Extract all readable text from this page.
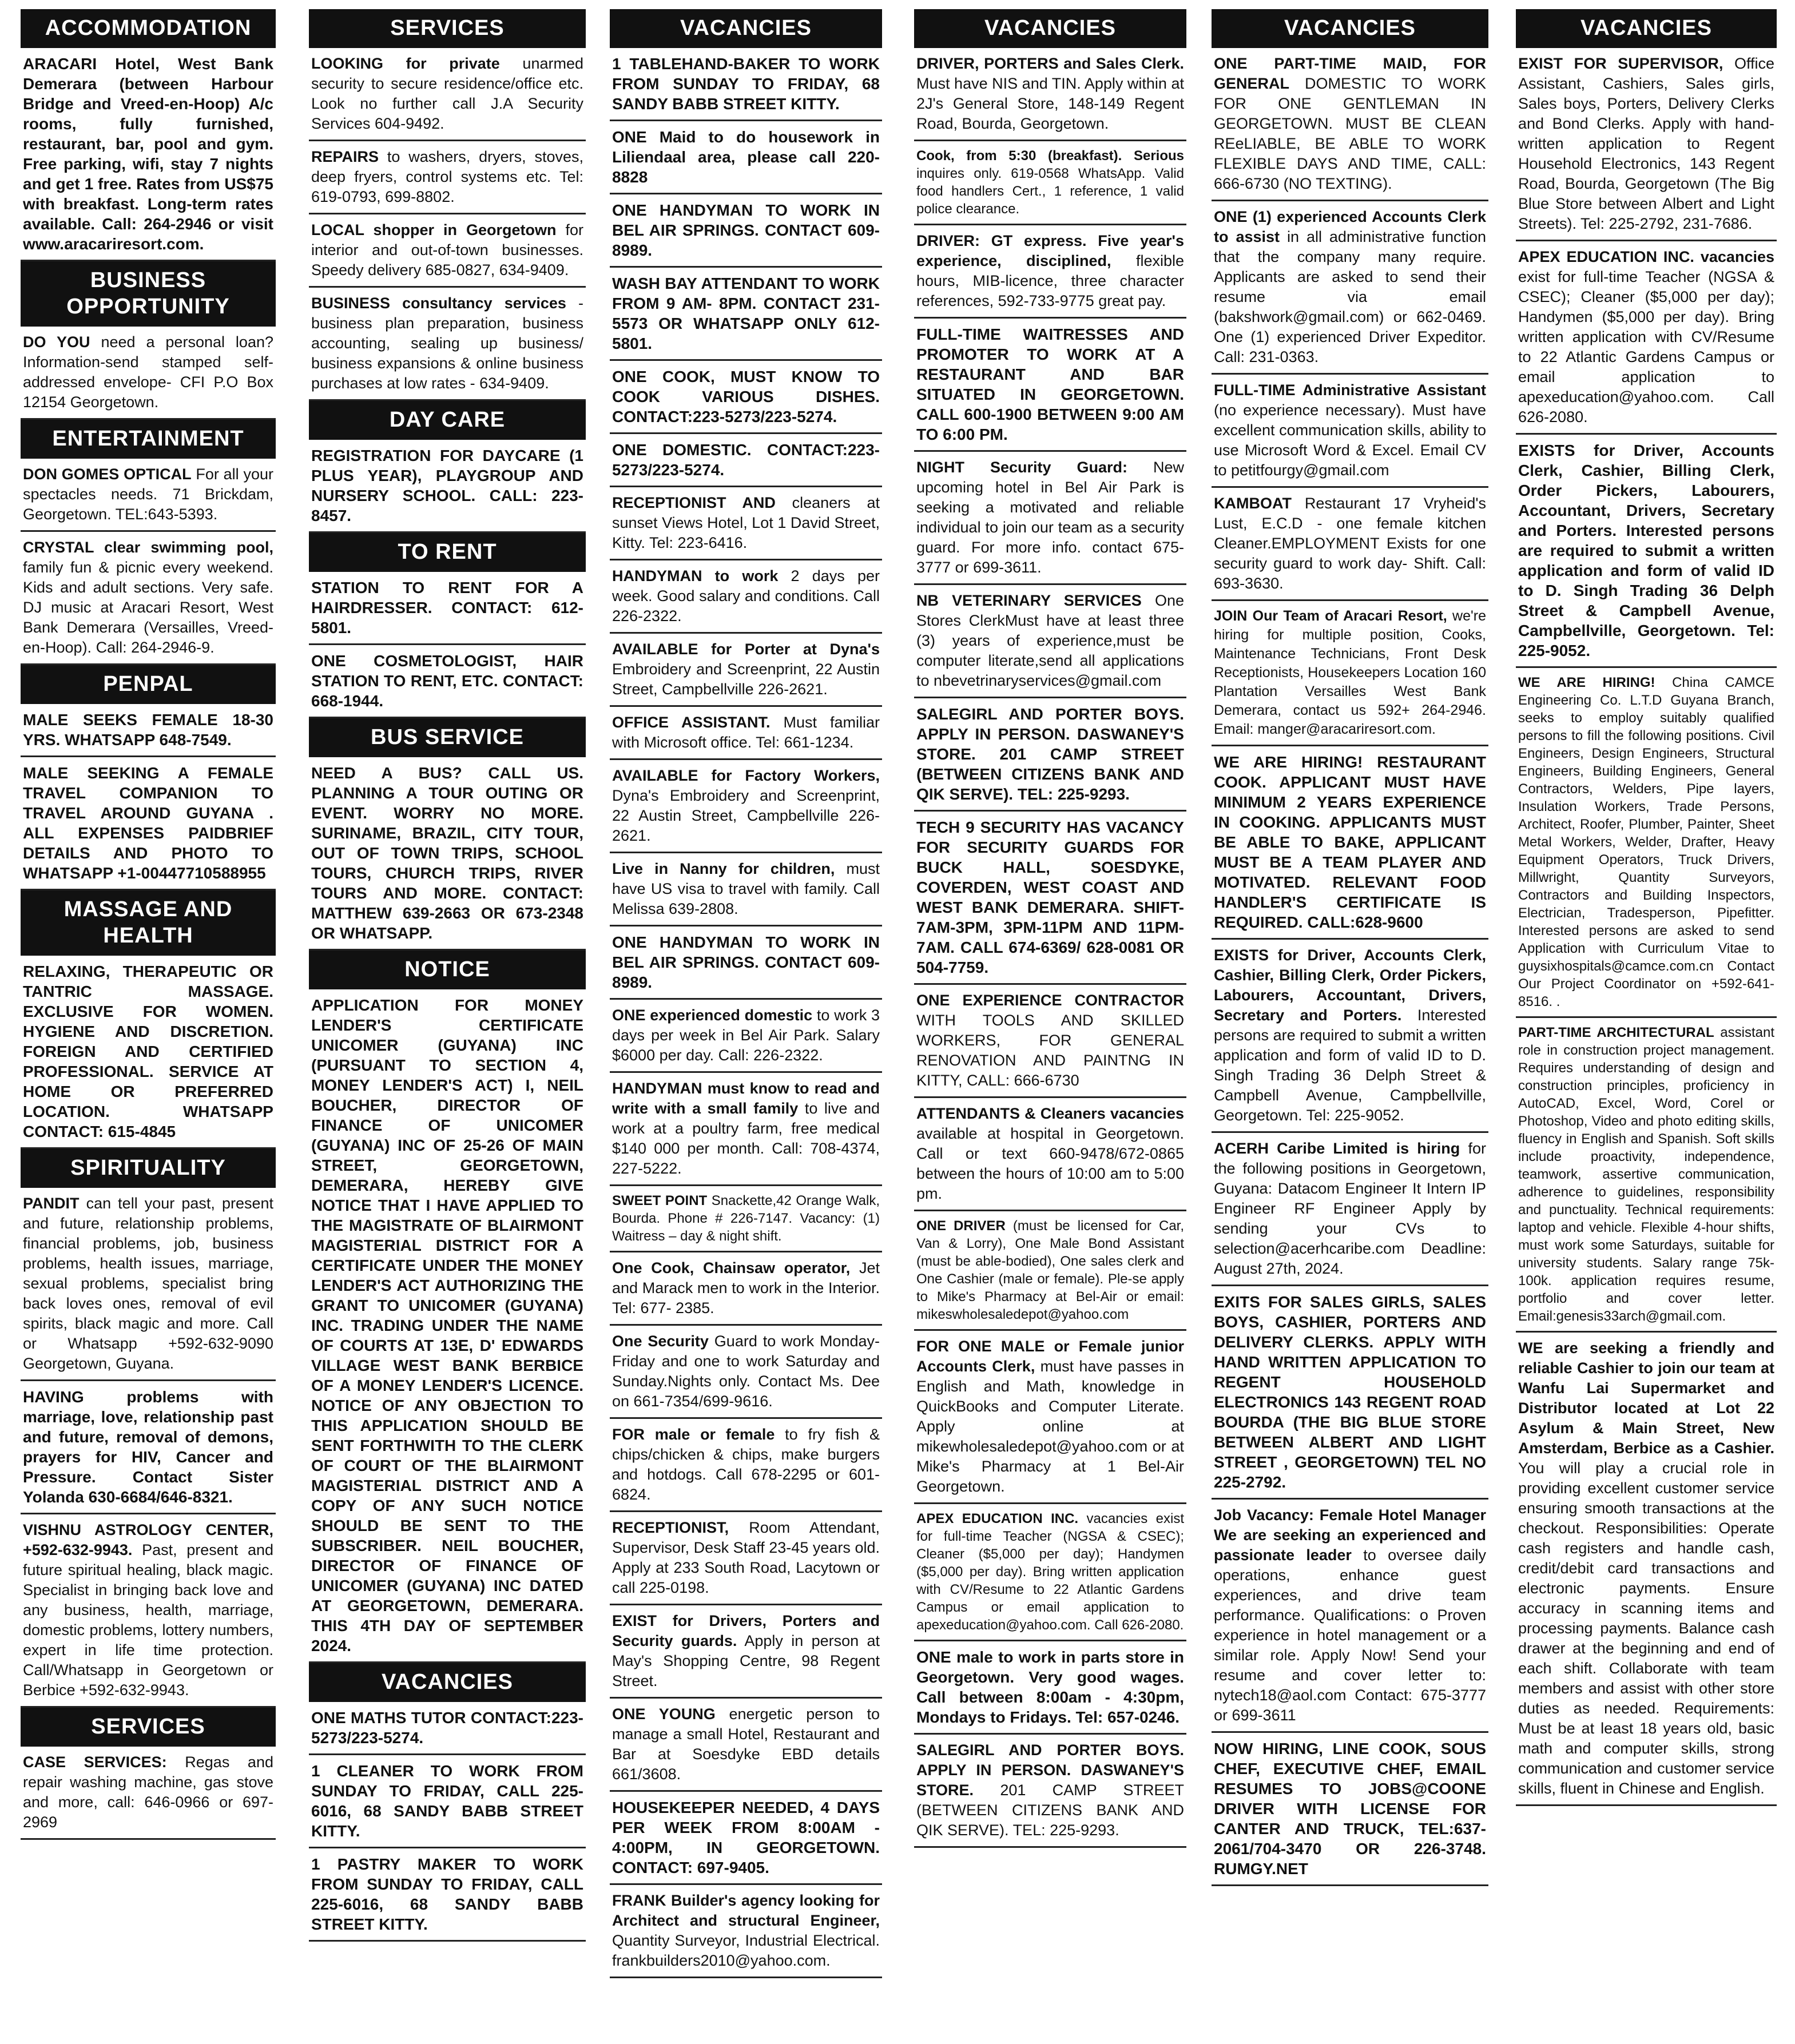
ACCOMMODATION
ARACARI Hotel, West Bank Demerara (between Harbour Bridge and Vreed-en-Hoop) A/c rooms, fully furnished, restaurant, bar, pool and gym. Free parking, wifi, stay 7 nights and get 1 free. Rates from US$75 with breakfast. Long-term rates available. Call: 264-2946 or visit www.aracariresort.com.
BUSINESS OPPORTUNITY
DO YOU need a personal loan? Information-send stamped self-addressed envelope- CFI P.O Box 12154 Georgetown.
ENTERTAINMENT
DON GOMES OPTICAL For all your spectacles needs. 71 Brickdam, Georgetown. TEL:643-5393.
CRYSTAL clear swimming pool, family fun & picnic every weekend. Kids and adult sections. Very safe. DJ music at Aracari Resort, West Bank Demerara (Versailles, Vreed-en-Hoop). Call: 264-2946-9.
PENPAL
MALE SEEKS FEMALE 18-30 YRS. WHATSAPP 648-7549.
MALE SEEKING A FEMALE TRAVEL COMPANION TO TRAVEL AROUND GUYANA . ALL EXPENSES PAIDBRIEF DETAILS AND PHOTO TO WHATSAPP +1-00447710588955
MASSAGE AND HEALTH
RELAXING, THERAPEUTIC OR TANTRIC MASSAGE. EXCLUSIVE FOR WOMEN. HYGIENE AND DISCRETION. FOREIGN AND CERTIFIED PROFESSIONAL. SERVICE AT HOME OR PREFERRED LOCATION. WHATSAPP CONTACT: 615-4845
SPIRITUALITY
PANDIT can tell your past, present and future, relationship problems, financial problems, job, business problems, health issues, marriage, sexual problems, specialist bring back loves ones, removal of evil spirits, black magic and more. Call or Whatsapp +592-632-9090 Georgetown, Guyana.
HAVING problems with marriage, love, relationship past and future, removal of demons, prayers for HIV, Cancer and Pressure. Contact Sister Yolanda 630-6684/646-8321.
VISHNU ASTROLOGY CENTER, +592-632-9943. Past, present and future spiritual healing, black magic. Specialist in bringing back love and any business, health, marriage, domestic problems, lottery numbers, expert in life time protection. Call/Whatsapp in Georgetown or Berbice +592-632-9943.
SERVICES
CASE SERVICES: Regas and repair washing machine, gas stove and more, call: 646-0966 or 697-2969
SERVICES
LOOKING for private unarmed security to secure residence/office etc. Look no further call J.A Security Services 604-9492.
REPAIRS to washers, dryers, stoves, deep fryers, control systems etc. Tel: 619-0793, 699-8802.
LOCAL shopper in Georgetown for interior and out-of-town businesses. Speedy delivery 685-0827, 634-9409.
BUSINESS consultancy services - business plan preparation, business accounting, sealing up business/ business expansions & online business purchases at low rates - 634-9409.
DAY CARE
REGISTRATION FOR DAYCARE (1 PLUS YEAR), PLAYGROUP AND NURSERY SCHOOL. CALL: 223-8457.
TO RENT
STATION TO RENT FOR A HAIRDRESSER. CONTACT: 612-5801.
ONE COSMETOLOGIST, HAIR STATION TO RENT, ETC. CONTACT: 668-1944.
BUS SERVICE
NEED A BUS? CALL US. PLANNING A TOUR OUTING OR EVENT. WORRY NO MORE. SURINAME, BRAZIL, CITY TOUR, OUT OF TOWN TRIPS, SCHOOL TOURS, CHURCH TRIPS, RIVER TOURS AND MORE. CONTACT: MATTHEW 639-2663 OR 673-2348 OR WHATSAPP.
NOTICE
APPLICATION FOR MONEY LENDER'S CERTIFICATE UNICOMER (GUYANA) INC (PURSUANT TO SECTION 4, MONEY LENDER'S ACT) I, NEIL BOUCHER, DIRECTOR OF FINANCE OF UNICOMER (GUYANA) INC OF 25-26 OF MAIN STREET, GEORGETOWN, DEMERARA, HEREBY GIVE NOTICE THAT I HAVE APPLIED TO THE MAGISTRATE OF BLAIRMONT MAGISTERIAL DISTRICT FOR A CERTIFICATE UNDER THE MONEY LENDER'S ACT AUTHORIZING THE GRANT TO UNICOMER (GUYANA) INC. TRADING UNDER THE NAME OF COURTS AT 13E, D' EDWARDS VILLAGE WEST BANK BERBICE OF A MONEY LENDER'S LICENCE. NOTICE OF ANY OBJECTION TO THIS APPLICATION SHOULD BE SENT FORTHWITH TO THE CLERK OF COURT OF THE BLAIRMONT MAGISTERIAL DISTRICT AND A COPY OF ANY SUCH NOTICE SHOULD BE SENT TO THE SUBSCRIBER. NEIL BOUCHER, DIRECTOR OF FINANCE OF UNICOMER (GUYANA) INC DATED AT GEORGETOWN, DEMERARA. THIS 4TH DAY OF SEPTEMBER 2024.
VACANCIES
ONE MATHS TUTOR CONTACT:223-5273/223-5274.
1 CLEANER TO WORK FROM SUNDAY TO FRIDAY, CALL 225-6016, 68 SANDY BABB STREET KITTY.
1 PASTRY MAKER TO WORK FROM SUNDAY TO FRIDAY, CALL 225-6016, 68 SANDY BABB STREET KITTY.
VACANCIES
1 TABLEHAND-BAKER TO WORK FROM SUNDAY TO FRIDAY, 68 SANDY BABB STREET KITTY.
ONE Maid to do housework in Liliendaal area, please call 220-8828
ONE HANDYMAN TO WORK IN BEL AIR SPRINGS. CONTACT 609-8989.
WASH BAY ATTENDANT TO WORK FROM 9 AM- 8PM. CONTACT 231-5573 OR WHATSAPP ONLY 612-5801.
ONE COOK, MUST KNOW TO COOK VARIOUS DISHES. CONTACT:223-5273/223-5274.
ONE DOMESTIC. CONTACT:223-5273/223-5274.
RECEPTIONIST AND cleaners at sunset Views Hotel, Lot 1 David Street, Kitty. Tel: 223-6416.
HANDYMAN to work 2 days per week. Good salary and conditions. Call 226-2322.
AVAILABLE for Porter at Dyna's Embroidery and Screenprint, 22 Austin Street, Campbellville 226-2621.
OFFICE ASSISTANT. Must familiar with Microsoft office. Tel: 661-1234.
AVAILABLE for Factory Workers, Dyna's Embroidery and Screenprint, 22 Austin Street, Campbellville 226-2621.
Live in Nanny for children, must have US visa to travel with family. Call Melissa 639-2808.
ONE HANDYMAN TO WORK IN BEL AIR SPRINGS. CONTACT 609-8989.
ONE experienced domestic to work 3 days per week in Bel Air Park. Salary $6000 per day. Call: 226-2322.
HANDYMAN must know to read and write with a small family to live and work at a poultry farm, free medical $140 000 per month. Call: 708-4374, 227-5222.
SWEET POINT Snackette,42 Orange Walk, Bourda. Phone # 226-7147. Vacancy: (1) Waitress – day & night shift.
One Cook, Chainsaw operator, Jet and Marack men to work in the Interior. Tel: 677- 2385.
One Security Guard to work Monday-Friday and one to work Saturday and Sunday.Nights only. Contact Ms. Dee on 661-7354/699-9616.
FOR male or female to fry fish & chips/chicken & chips, make burgers and hotdogs. Call 678-2295 or 601-6824.
RECEPTIONIST, Room Attendant, Supervisor, Desk Staff 23-45 years old. Apply at 233 South Road, Lacytown or call 225-0198.
EXIST for Drivers, Porters and Security guards. Apply in person at May's Shopping Centre, 98 Regent Street.
ONE YOUNG energetic person to manage a small Hotel, Restaurant and Bar at Soesdyke EBD details 661/3608.
HOUSEKEEPER NEEDED, 4 DAYS PER WEEK FROM 8:00AM - 4:00PM, IN GEORGETOWN. CONTACT: 697-9405.
FRANK Builder's agency looking for Architect and structural Engineer, Quantity Surveyor, Industrial Electrical. frankbuilders2010@yahoo.com.
VACANCIES
DRIVER, PORTERS and Sales Clerk. Must have NIS and TIN. Apply within at 2J's General Store, 148-149 Regent Road, Bourda, Georgetown.
Cook, from 5:30 (breakfast). Serious inquires only. 619-0568 WhatsApp. Valid food handlers Cert., 1 reference, 1 valid police clearance.
DRIVER: GT express. Five year's experience, disciplined, flexible hours, MIB-licence, three character references, 592-733-9775 great pay.
FULL-TIME WAITRESSES AND PROMOTER TO WORK AT A RESTAURANT AND BAR SITUATED IN GEORGETOWN. CALL 600-1900 BETWEEN 9:00 AM TO 6:00 PM.
NIGHT Security Guard: New upcoming hotel in Bel Air Park is seeking a motivated and reliable individual to join our team as a security guard. For more info. contact 675-3777 or 699-3611.
NB VETERINARY SERVICES One Stores ClerkMust have at least three (3) years of experience,must be computer literate,send all applications to nbevetrinaryservices@gmail.com
SALEGIRL AND PORTER BOYS. APPLY IN PERSON. DASWANEY'S STORE. 201 CAMP STREET (BETWEEN CITIZENS BANK AND QIK SERVE). TEL: 225-9293.
TECH 9 SECURITY HAS VACANCY FOR SECURITY GUARDS FOR BUCK HALL, SOESDYKE, COVERDEN, WEST COAST AND WEST BANK DEMERARA. SHIFT-7AM-3PM, 3PM-11PM AND 11PM-7AM. CALL 674-6369/ 628-0081 OR 504-7759.
ONE EXPERIENCE CONTRACTOR WITH TOOLS AND SKILLED WORKERS, FOR GENERAL RENOVATION AND PAINTNG IN KITTY, CALL: 666-6730
ATTENDANTS & Cleaners vacancies available at hospital in Georgetown. Call or text 660-9478/672-0865 between the hours of 10:00 am to 5:00 pm.
ONE DRIVER (must be licensed for Car, Van & Lorry), One Male Bond Assistant (must be able-bodied), One sales clerk and One Cashier (male or female). Ple-se apply to Mike's Pharmacy at Bel-Air or email: mikeswholesaledepot@yahoo.com
FOR ONE MALE or Female junior Accounts Clerk, must have passes in English and Math, knowledge in QuickBooks and Computer Literate. Apply online at mikewholesaledepot@yahoo.com or at Mike's Pharmacy at 1 Bel-Air Georgetown.
APEX EDUCATION INC. vacancies exist for full-time Teacher (NGSA & CSEC); Cleaner ($5,000 per day); Handymen ($5,000 per day). Bring written application with CV/Resume to 22 Atlantic Gardens Campus or email application to apexeducation@yahoo.com. Call 626-2080.
ONE male to work in parts store in Georgetown. Very good wages. Call between 8:00am - 4:30pm, Mondays to Fridays. Tel: 657-0246.
SALEGIRL AND PORTER BOYS. APPLY IN PERSON. DASWANEY'S STORE. 201 CAMP STREET (BETWEEN CITIZENS BANK AND QIK SERVE). TEL: 225-9293.
VACANCIES
ONE PART-TIME MAID, FOR GENERAL DOMESTIC TO WORK FOR ONE GENTLEMAN IN GEORGETOWN. MUST BE CLEAN REeLIABLE, BE ABLE TO WORK FLEXIBLE DAYS AND TIME, CALL: 666-6730 (NO TEXTING).
ONE (1) experienced Accounts Clerk to assist in all administrative function that the company many require. Applicants are asked to send their resume via email (bakshwork@gmail.com) or 662-0469. One (1) experienced Driver Expeditor. Call: 231-0363.
FULL-TIME Administrative Assistant (no experience necessary). Must have excellent communication skills, ability to use Microsoft Word & Excel. Email CV to petitfourgy@gmail.com
KAMBOAT Restaurant 17 Vryheid's Lust, E.C.D - one female kitchen Cleaner.EMPLOYMENT Exists for one security guard to work day- Shift. Call: 693-3630.
JOIN Our Team of Aracari Resort, we're hiring for multiple position, Cooks, Maintenance Technicians, Front Desk Receptionists, Housekeepers Location 160 Plantation Versailles West Bank Demerara, contact us 592+ 264-2946. Email: manger@aracariresort.com.
WE ARE HIRING! RESTAURANT COOK. APPLICANT MUST HAVE MINIMUM 2 YEARS EXPERIENCE IN COOKING. APPLICANTS MUST BE ABLE TO BAKE, APPLICANT MUST BE A TEAM PLAYER AND MOTIVATED. RELEVANT FOOD HANDLER'S CERTIFICATE IS REQUIRED. CALL:628-9600
EXISTS for Driver, Accounts Clerk, Cashier, Billing Clerk, Order Pickers, Labourers, Accountant, Drivers, Secretary and Porters. Interested persons are required to submit a written application and form of valid ID to D. Singh Trading 36 Delph Street & Campbell Avenue, Campbellville, Georgetown. Tel: 225-9052.
ACERH Caribe Limited is hiring for the following positions in Georgetown, Guyana: Datacom Engineer It Intern IP Engineer RF Engineer Apply by sending your CVs to selection@acerhcaribe.com Deadline: August 27th, 2024.
EXITS FOR SALES GIRLS, SALES BOYS, CASHIER, PORTERS AND DELIVERY CLERKS. APPLY WITH HAND WRITTEN APPLICATION TO REGENT HOUSEHOLD ELECTRONICS 143 REGENT ROAD BOURDA (THE BIG BLUE STORE BETWEEN ALBERT AND LIGHT STREET , GEORGETOWN) TEL NO 225-2792.
Job Vacancy: Female Hotel Manager We are seeking an experienced and passionate leader to oversee daily operations, enhance guest experiences, and drive team performance. Qualifications: o Proven experience in hotel management or a similar role. Apply Now! Send your resume and cover letter to: nytech18@aol.com Contact: 675-3777 or 699-3611
NOW HIRING, LINE COOK, SOUS CHEF, EXECUTIVE CHEF, EMAIL RESUMES TO JOBS@COONE DRIVER WITH LICENSE FOR CANTER AND TRUCK, TEL:637-2061/704-3470 OR 226-3748. RUMGY.NET
VACANCIES
EXIST FOR SUPERVISOR, Office Assistant, Cashiers, Sales girls, Sales boys, Porters, Delivery Clerks and Bond Clerks. Apply with hand- written application to Regent Household Electronics, 143 Regent Road, Bourda, Georgetown (The Big Blue Store between Albert and Light Streets). Tel: 225-2792, 231-7686.
APEX EDUCATION INC. vacancies exist for full-time Teacher (NGSA & CSEC); Cleaner ($5,000 per day); Handymen ($5,000 per day). Bring written application with CV/Resume to 22 Atlantic Gardens Campus or email application to apexeducation@yahoo.com. Call 626-2080.
EXISTS for Driver, Accounts Clerk, Cashier, Billing Clerk, Order Pickers, Labourers, Accountant, Drivers, Secretary and Porters. Interested persons are required to submit a written application and form of valid ID to D. Singh Trading 36 Delph Street & Campbell Avenue, Campbellville, Georgetown. Tel: 225-9052.
WE ARE HIRING! China CAMCE Engineering Co. L.T.D Guyana Branch, seeks to employ suitably qualified persons to fill the following positions. Civil Engineers, Design Engineers, Structural Engineers, Building Engineers, General Contractors, Welders, Pipe layers, Insulation Workers, Trade Persons, Architect, Roofer, Plumber, Painter, Sheet Metal Workers, Welder, Drafter, Heavy Equipment Operators, Truck Drivers, Millwright, Quantity Surveyors, Contractors and Building Inspectors, Electrician, Tradesperson, Pipefitter. Interested persons are asked to send Application with Curriculum Vitae to guysixhospitals@camce.com.cn Contact Our Project Coordinator on +592-641-8516. .
PART-TIME ARCHITECTURAL assistant role in construction project management. Requires understanding of design and construction principles, proficiency in AutoCAD, Excel, Word, Corel or Photoshop, Video and photo editing skills, fluency in English and Spanish. Soft skills include proactivity, independence, teamwork, assertive communication, adherence to guidelines, responsibility and punctuality. Technical requirements: laptop and vehicle. Flexible 4-hour shifts, must work some Saturdays, suitable for university students. Salary range 75k-100k. application requires resume, portfolio and cover letter. Email:genesis33arch@gmail.com.
WE are seeking a friendly and reliable Cashier to join our team at Wanfu Lai Supermarket and Distributor located at Lot 22 Asylum & Main Street, New Amsterdam, Berbice as a Cashier. You will play a crucial role in providing excellent customer service ensuring smooth transactions at the checkout. Responsibilities: Operate cash registers and handle cash, credit/debit card transactions and electronic payments. Ensure accuracy in scanning items and processing payments. Balance cash drawer at the beginning and end of each shift. Collaborate with team members and assist with other store duties as needed. Requirements: Must be at least 18 years old, basic math and computer skills, strong communication and customer service skills, fluent in Chinese and English.
